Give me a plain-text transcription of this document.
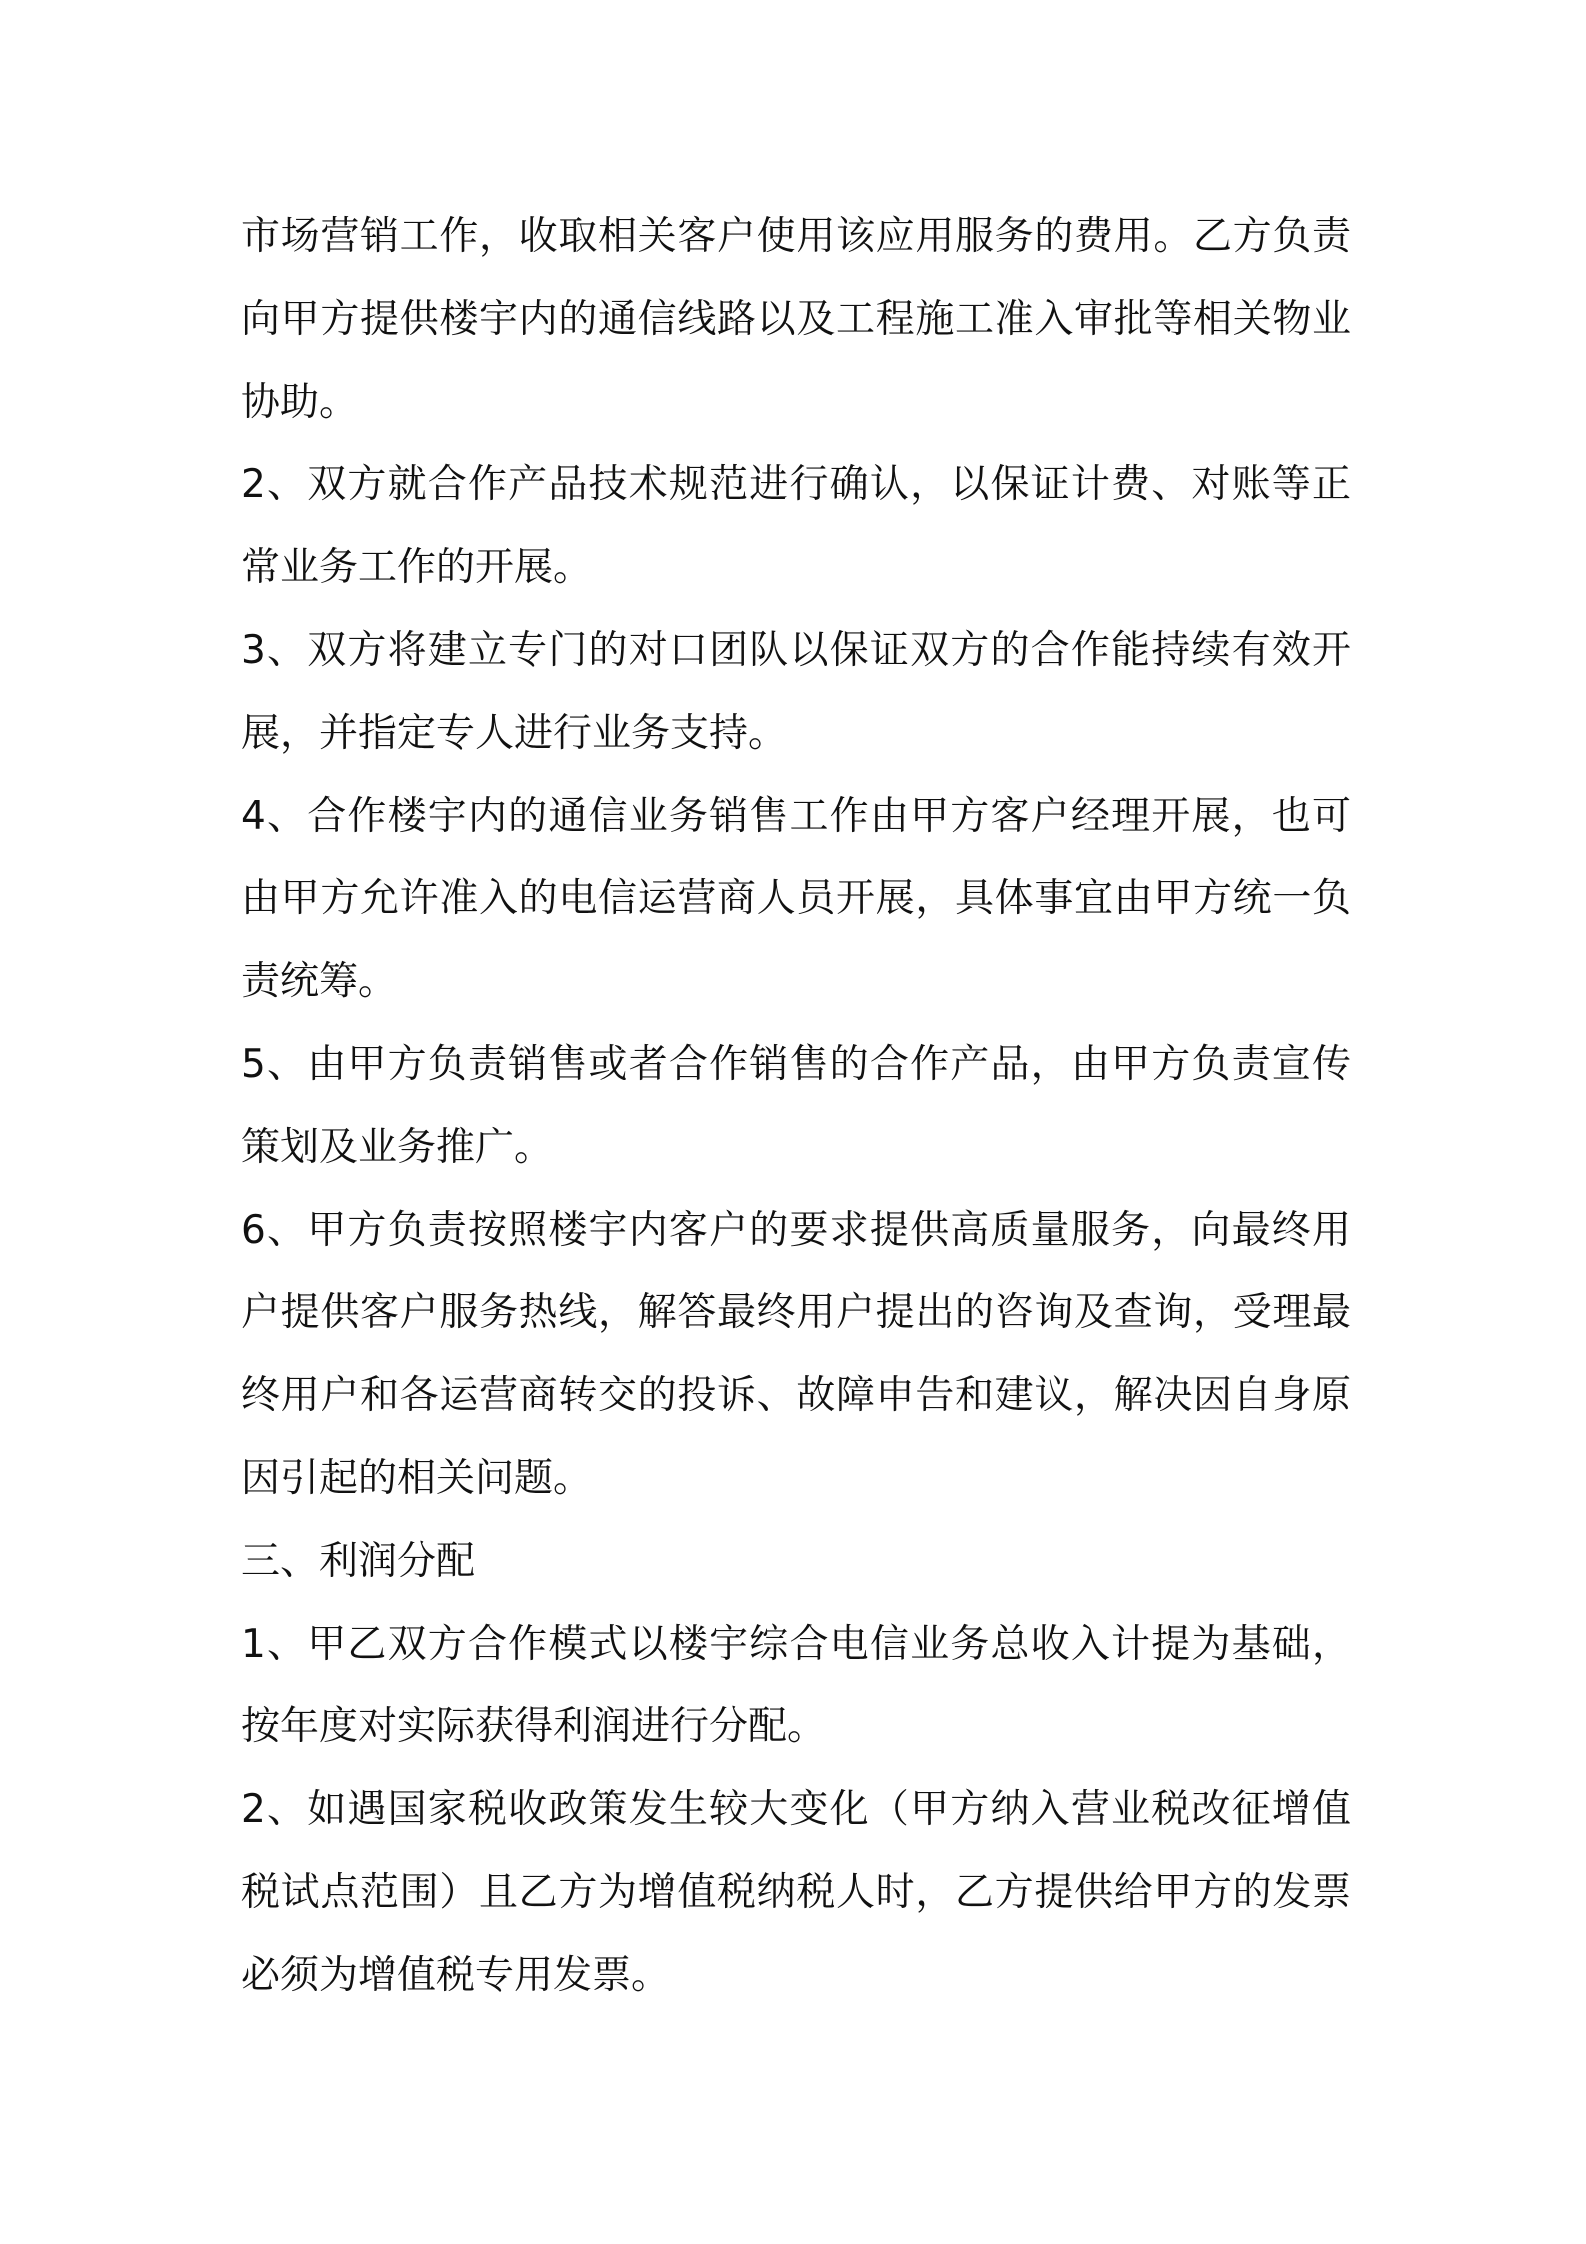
市场营销工作，收取相关客户使用该应用服务的费用。乙方负责向甲方提供楼宇内的通信线路以及工程施工准入审批等相关物业协助。

2、双方就合作产品技术规范进行确认，以保证计费、对账等正常业务工作的开展。

3、双方将建立专门的对口团队以保证双方的合作能持续有效开展，并指定专人进行业务支持。

4、合作楼宇内的通信业务销售工作由甲方客户经理开展，也可由甲方允许准入的电信运营商人员开展，具体事宜由甲方统一负责统筹。

5、由甲方负责销售或者合作销售的合作产品，由甲方负责宣传策划及业务推广。

6、甲方负责按照楼宇内客户的要求提供高质量服务，向最终用户提供客户服务热线，解答最终用户提出的咨询及查询，受理最终用户和各运营商转交的投诉、故障申告和建议，解决因自身原因引起的相关问题。

三、利润分配

1、甲乙双方合作模式以楼宇综合电信业务总收入计提为基础，按年度对实际获得利润进行分配。

2、如遇国家税收政策发生较大变化（甲方纳入营业税改征增值税试点范围）且乙方为增值税纳税人时，乙方提供给甲方的发票必须为增值税专用发票。
